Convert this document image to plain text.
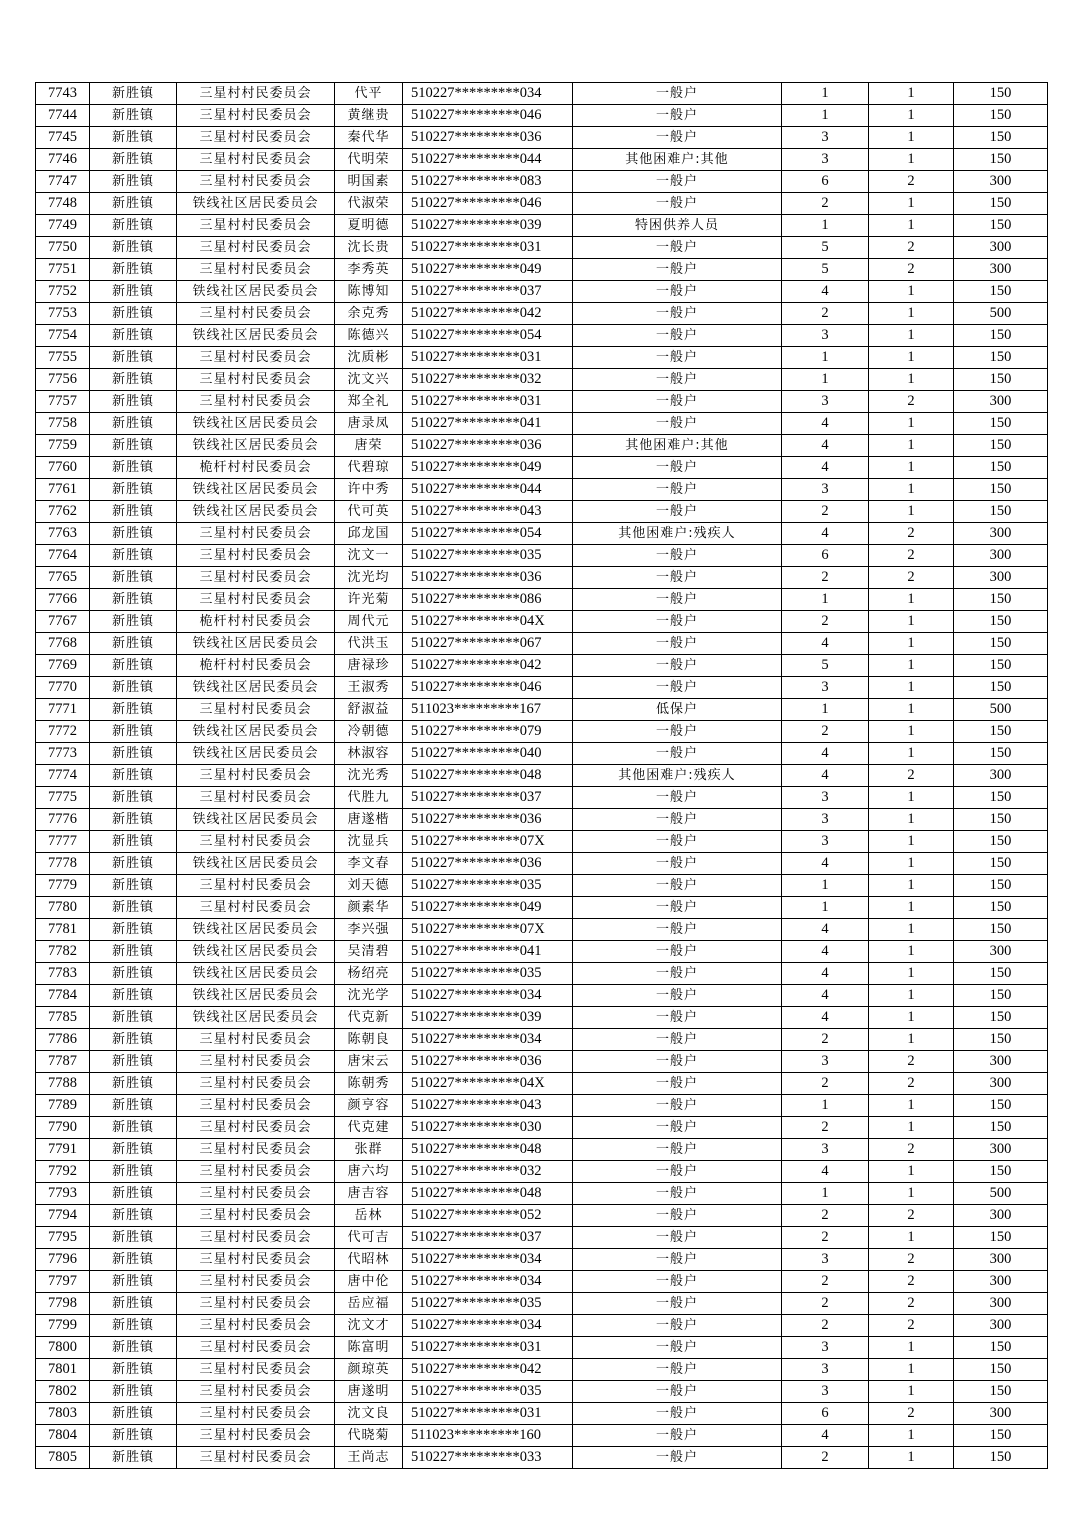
7743	新胜镇	三星村村民委员会	代平	510227*********034	一般户	1	1	150
7744	新胜镇	三星村村民委员会	黄继贵	510227*********046	一般户	1	1	150
7745	新胜镇	三星村村民委员会	秦代华	510227*********036	一般户	3	1	150
7746	新胜镇	三星村村民委员会	代明荣	510227*********044	其他困难户:其他	3	1	150
7747	新胜镇	三星村村民委员会	明国素	510227*********083	一般户	6	2	300
7748	新胜镇	铁线社区居民委员会	代淑荣	510227*********046	一般户	2	1	150
7749	新胜镇	三星村村民委员会	夏明德	510227*********039	特困供养人员	1	1	150
7750	新胜镇	三星村村民委员会	沈长贵	510227*********031	一般户	5	2	300
7751	新胜镇	三星村村民委员会	李秀英	510227*********049	一般户	5	2	300
7752	新胜镇	铁线社区居民委员会	陈博知	510227*********037	一般户	4	1	150
7753	新胜镇	三星村村民委员会	余克秀	510227*********042	一般户	2	1	500
7754	新胜镇	铁线社区居民委员会	陈德兴	510227*********054	一般户	3	1	150
7755	新胜镇	三星村村民委员会	沈质彬	510227*********031	一般户	1	1	150
7756	新胜镇	三星村村民委员会	沈文兴	510227*********032	一般户	1	1	150
7757	新胜镇	三星村村民委员会	郑全礼	510227*********031	一般户	3	2	300
7758	新胜镇	铁线社区居民委员会	唐录凤	510227*********041	一般户	4	1	150
7759	新胜镇	铁线社区居民委员会	唐荣	510227*********036	其他困难户:其他	4	1	150
7760	新胜镇	桅杆村村民委员会	代碧琼	510227*********049	一般户	4	1	150
7761	新胜镇	铁线社区居民委员会	许中秀	510227*********044	一般户	3	1	150
7762	新胜镇	铁线社区居民委员会	代可英	510227*********043	一般户	2	1	150
7763	新胜镇	三星村村民委员会	邱龙国	510227*********054	其他困难户:残疾人	4	2	300
7764	新胜镇	三星村村民委员会	沈文一	510227*********035	一般户	6	2	300
7765	新胜镇	三星村村民委员会	沈光均	510227*********036	一般户	2	2	300
7766	新胜镇	三星村村民委员会	许光菊	510227*********086	一般户	1	1	150
7767	新胜镇	桅杆村村民委员会	周代元	510227*********04X	一般户	2	1	150
7768	新胜镇	铁线社区居民委员会	代洪玉	510227*********067	一般户	4	1	150
7769	新胜镇	桅杆村村民委员会	唐禄珍	510227*********042	一般户	5	1	150
7770	新胜镇	铁线社区居民委员会	王淑秀	510227*********046	一般户	3	1	150
7771	新胜镇	三星村村民委员会	舒淑益	511023*********167	低保户	1	1	500
7772	新胜镇	铁线社区居民委员会	冷朝德	510227*********079	一般户	2	1	150
7773	新胜镇	铁线社区居民委员会	林淑容	510227*********040	一般户	4	1	150
7774	新胜镇	三星村村民委员会	沈光秀	510227*********048	其他困难户:残疾人	4	2	300
7775	新胜镇	三星村村民委员会	代胜九	510227*********037	一般户	3	1	150
7776	新胜镇	铁线社区居民委员会	唐遂楷	510227*********036	一般户	3	1	150
7777	新胜镇	三星村村民委员会	沈显兵	510227*********07X	一般户	3	1	150
7778	新胜镇	铁线社区居民委员会	李文春	510227*********036	一般户	4	1	150
7779	新胜镇	三星村村民委员会	刘天德	510227*********035	一般户	1	1	150
7780	新胜镇	三星村村民委员会	颜素华	510227*********049	一般户	1	1	150
7781	新胜镇	铁线社区居民委员会	李兴强	510227*********07X	一般户	4	1	150
7782	新胜镇	铁线社区居民委员会	吴清碧	510227*********041	一般户	4	1	300
7783	新胜镇	铁线社区居民委员会	杨绍亮	510227*********035	一般户	4	1	150
7784	新胜镇	铁线社区居民委员会	沈光学	510227*********034	一般户	4	1	150
7785	新胜镇	铁线社区居民委员会	代克新	510227*********039	一般户	4	1	150
7786	新胜镇	三星村村民委员会	陈朝良	510227*********034	一般户	2	1	150
7787	新胜镇	三星村村民委员会	唐宋云	510227*********036	一般户	3	2	300
7788	新胜镇	三星村村民委员会	陈朝秀	510227*********04X	一般户	2	2	300
7789	新胜镇	三星村村民委员会	颜亨容	510227*********043	一般户	1	1	150
7790	新胜镇	三星村村民委员会	代克建	510227*********030	一般户	2	1	150
7791	新胜镇	三星村村民委员会	张群	510227*********048	一般户	3	2	300
7792	新胜镇	三星村村民委员会	唐六均	510227*********032	一般户	4	1	150
7793	新胜镇	三星村村民委员会	唐吉容	510227*********048	一般户	1	1	500
7794	新胜镇	三星村村民委员会	岳林	510227*********052	一般户	2	2	300
7795	新胜镇	三星村村民委员会	代可吉	510227*********037	一般户	2	1	150
7796	新胜镇	三星村村民委员会	代昭林	510227*********034	一般户	3	2	300
7797	新胜镇	三星村村民委员会	唐中伦	510227*********034	一般户	2	2	300
7798	新胜镇	三星村村民委员会	岳应福	510227*********035	一般户	2	2	300
7799	新胜镇	三星村村民委员会	沈文才	510227*********034	一般户	2	2	300
7800	新胜镇	三星村村民委员会	陈富明	510227*********031	一般户	3	1	150
7801	新胜镇	三星村村民委员会	颜琼英	510227*********042	一般户	3	1	150
7802	新胜镇	三星村村民委员会	唐遂明	510227*********035	一般户	3	1	150
7803	新胜镇	三星村村民委员会	沈文良	510227*********031	一般户	6	2	300
7804	新胜镇	三星村村民委员会	代晓菊	511023*********160	一般户	4	1	150
7805	新胜镇	三星村村民委员会	王尚志	510227*********033	一般户	2	1	150
